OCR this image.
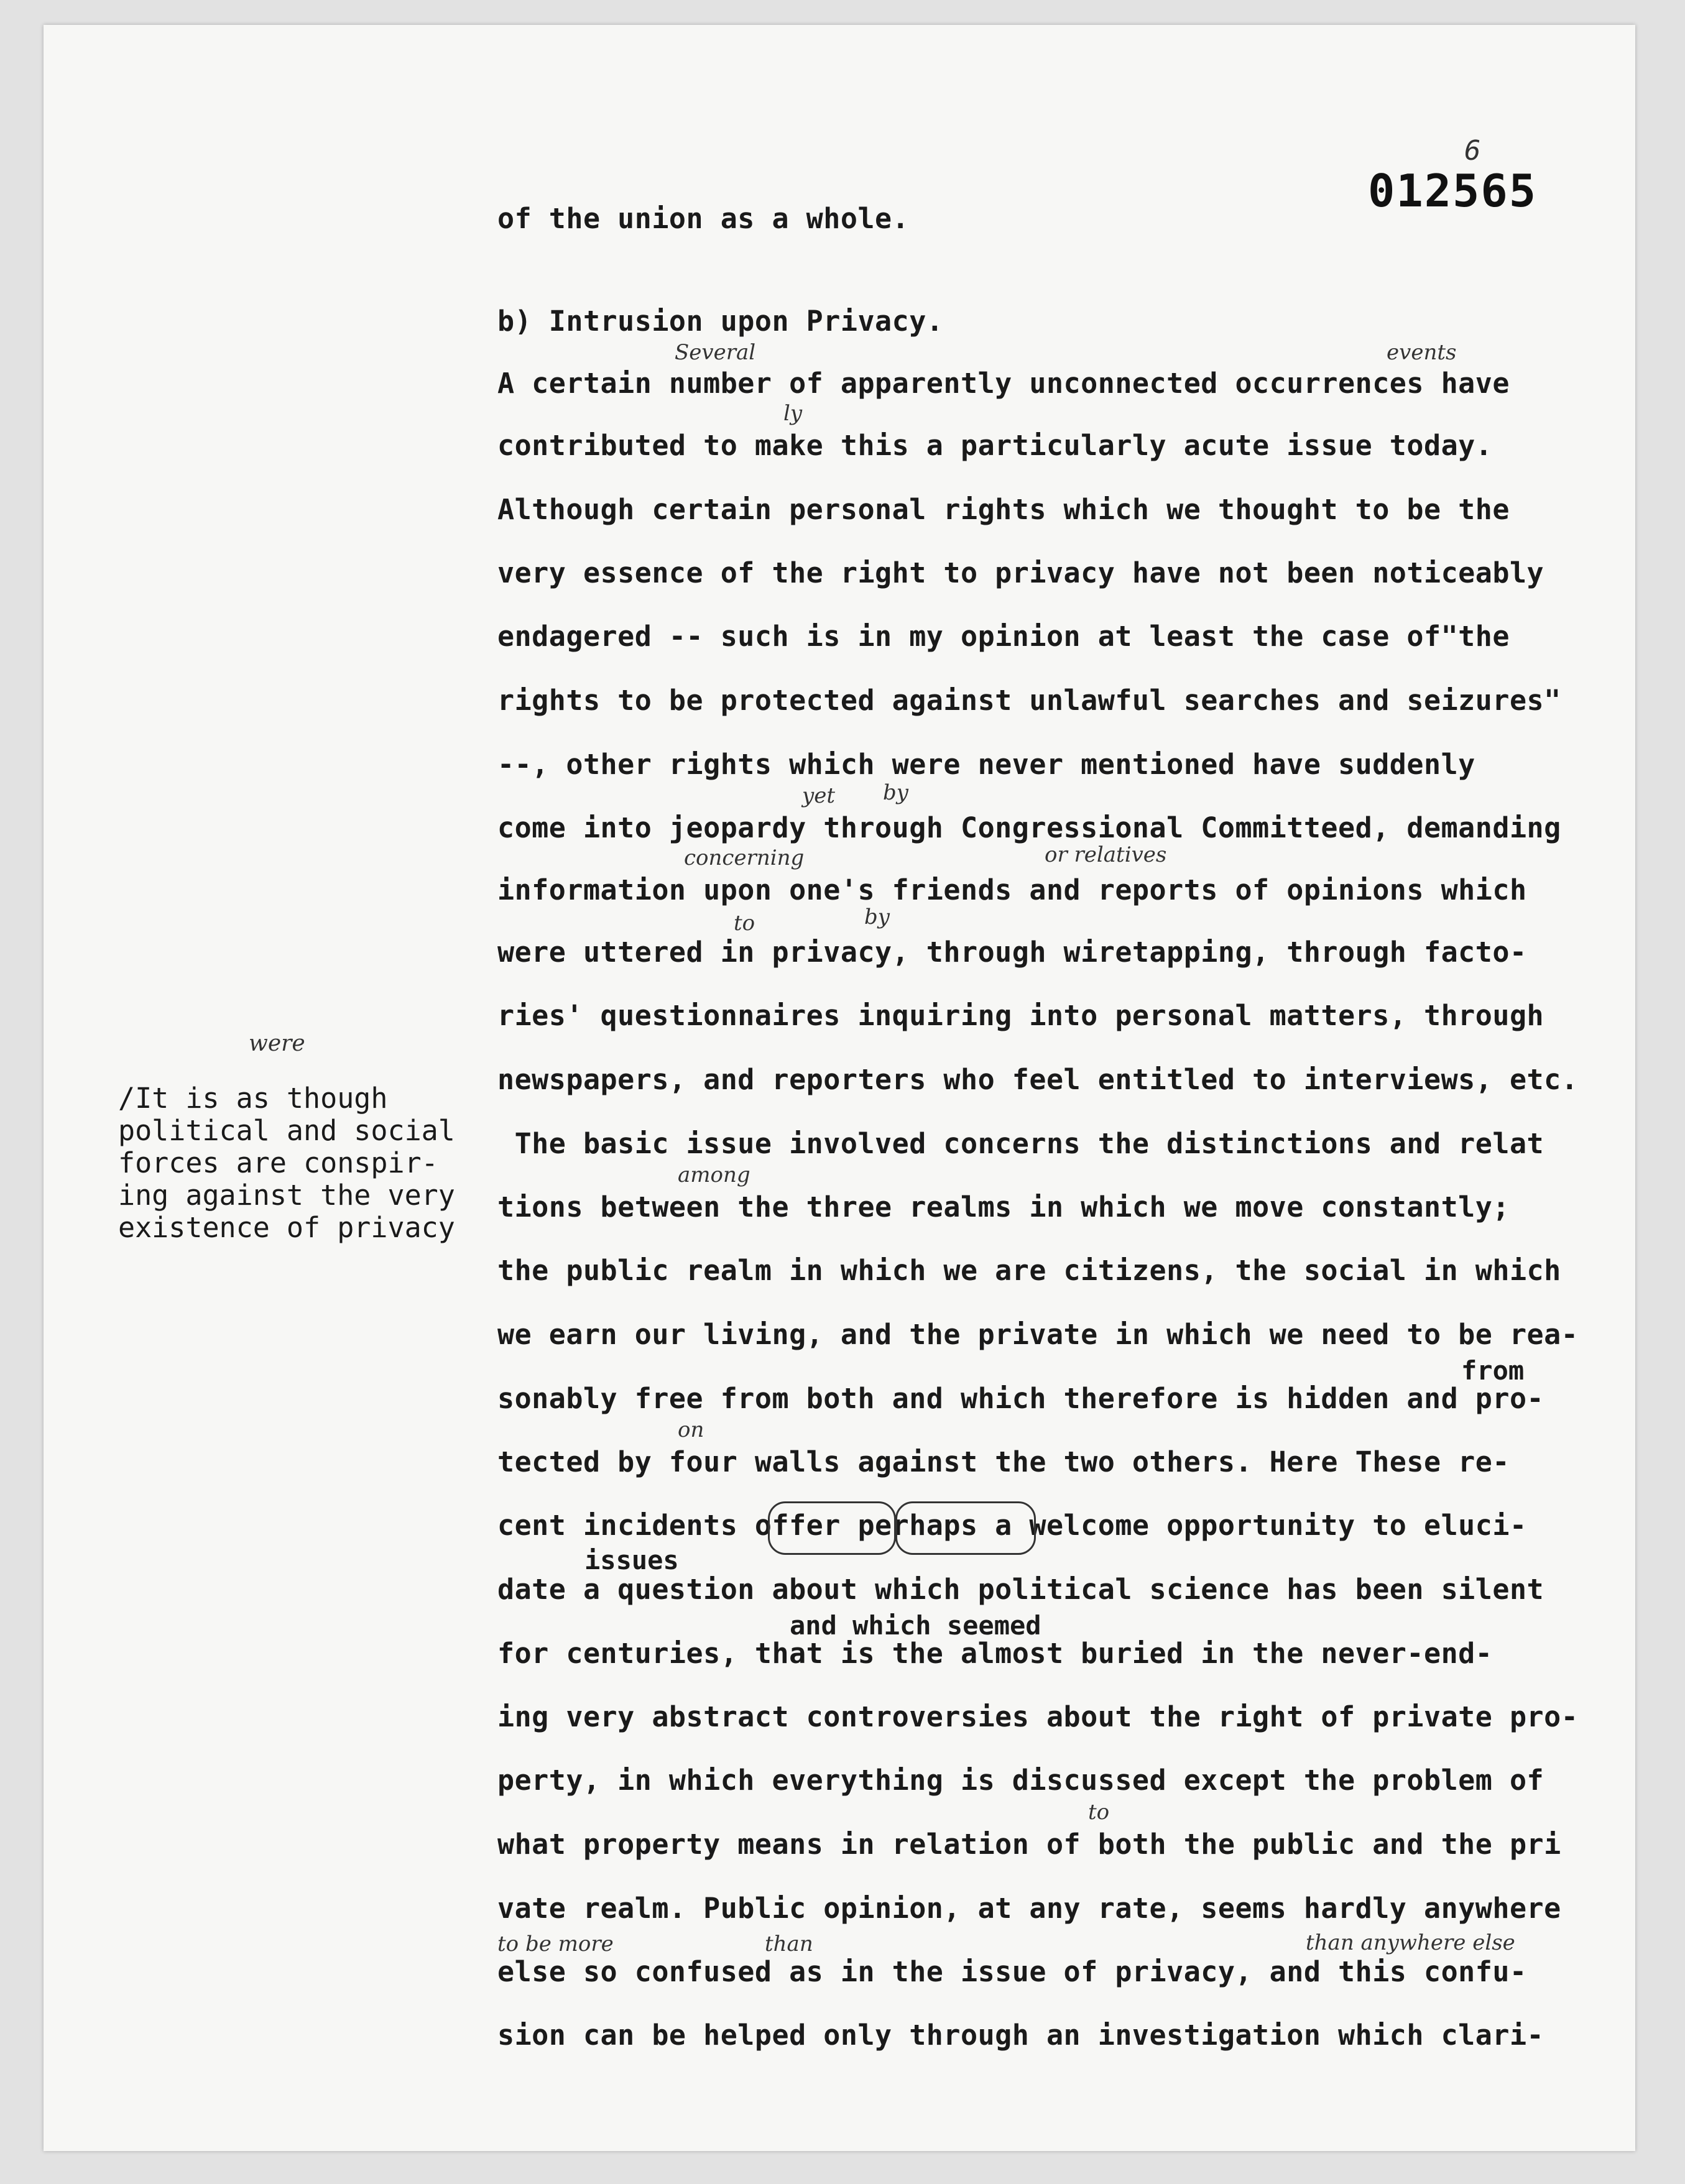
012565
6
of the union as a whole.
b) Intrusion upon Privacy.
A certain number of apparently unconnected occurrences have
contributed to make this a particularly acute issue today.
Although certain personal rights which we thought to be the
very essence of the right to privacy have not been noticeably
endagered -- such is in my opinion at least the case of"the
rights to be protected against unlawful searches and seizures"
--, other rights which were never mentioned have suddenly
come into jeopardy through Congressional Committeed, demanding
information upon one's friends and reports of opinions which
were uttered in privacy, through wiretapping, through facto-
ries' questionnaires inquiring into personal matters, through
newspapers, and reporters who feel entitled to interviews, etc.
The basic issue involved concerns the distinctions and relat
tions between the three realms in which we move constantly;
the public realm in which we are citizens, the social in which
we earn our living, and the private in which we need to be rea-
sonably free from both and which therefore is hidden and pro-
tected by four walls against the two others. Here These re-
cent incidents offer perhaps a welcome opportunity to eluci-
date a question about which political science has been silent
for centuries, that is the almost buried in the never-end-
ing very abstract controversies about the right of private pro-
perty, in which everything is discussed except the problem of
what property means in relation of both the public and the pri
vate realm. Public opinion, at any rate, seems hardly anywhere
else so confused as in the issue of privacy, and this confu-
sion can be helped only through an investigation which clari-
issues
and which seemed
from
Several	events
ly
yet by
concerning	or relatives
to	by
among
on
to
to be more	than	than anywhere else
were
/It is as though
political and social
forces are conspir-
ing against the very
existence of privacy
